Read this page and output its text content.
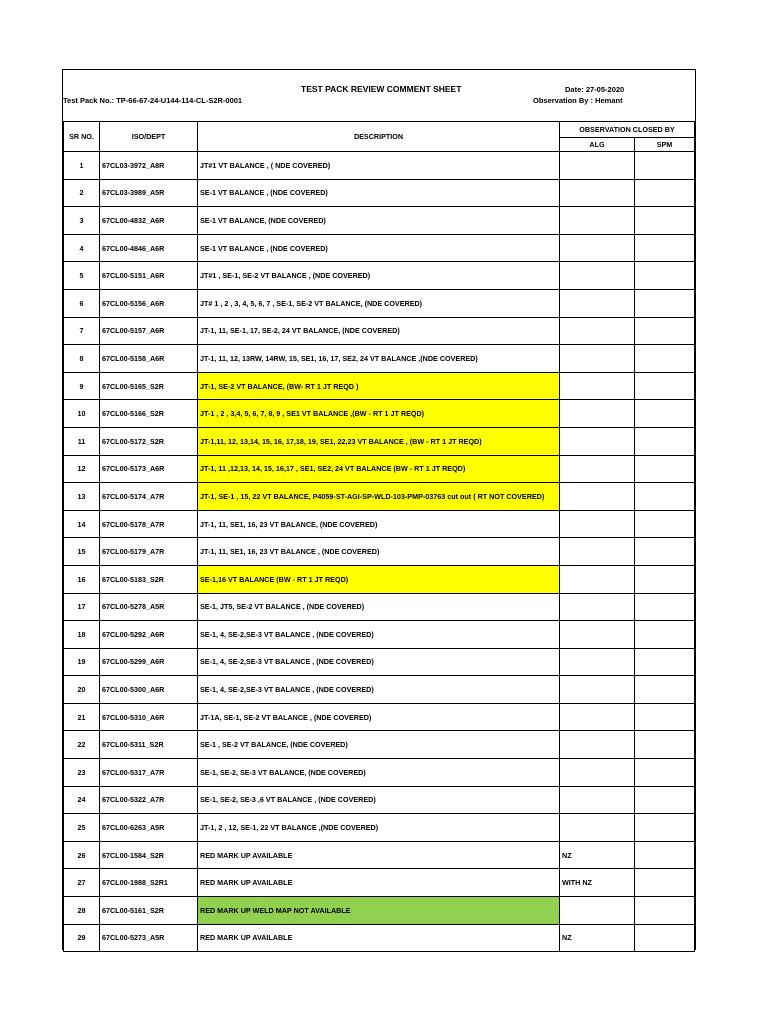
TEST PACK REVIEW COMMENT SHEET
Test Pack No.: TP-66-67-24-U144-114-CL-S2R-0001
Date: 27-05-2020
Observation By : Hemant
SR NO.	ISO/DEPT	DESCRIPTION	OBSERVATION CLOSED BY	
			ALG	SPM
1	67CL03-3972_A8R	JT#1 VT BALANCE , ( NDE COVERED)		
2	67CL03-3989_A5R	SE-1 VT BALANCE , (NDE COVERED)		
3	67CL00-4832_A6R	SE-1 VT BALANCE, (NDE COVERED)		
4	67CL00-4846_A6R	SE-1 VT BALANCE , (NDE COVERED)		
5	67CL00-5151_A6R	JT#1 , SE-1, SE-2 VT BALANCE , (NDE COVERED)		
6	67CL00-5156_A6R	JT# 1 , 2 , 3, 4, 5, 6, 7 , SE-1, SE-2 VT BALANCE, (NDE COVERED)		
7	67CL00-5157_A6R	JT-1, 11, SE-1, 17, SE-2, 24 VT BALANCE, (NDE COVERED)		
8	67CL00-5158_A6R	JT-1, 11, 12, 13RW, 14RW, 15, SE1, 16, 17, SE2, 24 VT BALANCE ,(NDE COVERED)		
9	67CL00-5165_S2R	JT-1, SE-2 VT BALANCE, (BW- RT 1 JT REQD )		
10	67CL00-5166_S2R	JT-1 , 2 , 3,4, 5, 6, 7, 8, 9 , SE1 VT BALANCE ,(BW - RT 1 JT REQD)		
11	67CL00-5172_S2R	JT-1,11, 12, 13,14, 15, 16, 17,18, 19, SE1, 22,23 VT BALANCE , (BW - RT 1 JT REQD)		
12	67CL00-5173_A6R	JT-1, 11 ,12,13, 14, 15, 16,17 , SE1, SE2, 24 VT BALANCE (BW - RT 1 JT REQD)		
13	67CL00-5174_A7R	JT-1, SE-1 , 15, 22 VT BALANCE, P4059-ST-AGI-SP-WLD-103-PMP-03763 cut out ( RT NOT COVERED)		
14	67CL00-5178_A7R	JT-1, 11, SE1, 16, 23 VT BALANCE, (NDE COVERED)		
15	67CL00-5179_A7R	JT-1, 11, SE1, 16, 23 VT BALANCE , (NDE COVERED)		
16	67CL00-5183_S2R	SE-1,16 VT BALANCE (BW - RT 1 JT REQD)		
17	67CL00-5278_A5R	SE-1, JT5, SE-2 VT BALANCE , (NDE COVERED)		
18	67CL00-5292_A6R	SE-1, 4, SE-2,SE-3 VT BALANCE , (NDE COVERED)		
19	67CL00-5299_A6R	SE-1, 4, SE-2,SE-3 VT BALANCE , (NDE COVERED)		
20	67CL00-5300_A6R	SE-1, 4, SE-2,SE-3 VT BALANCE , (NDE COVERED)		
21	67CL00-5310_A6R	JT-1A, SE-1, SE-2 VT BALANCE , (NDE COVERED)		
22	67CL00-5311_S2R	SE-1 , SE-2 VT BALANCE, (NDE COVERED)		
23	67CL00-5317_A7R	SE-1, SE-2, SE-3 VT BALANCE, (NDE COVERED)		
24	67CL00-5322_A7R	SE-1, SE-2, SE-3 ,6 VT BALANCE , (NDE COVERED)		
25	67CL00-6263_A5R	JT-1, 2 , 12, SE-1, 22 VT BALANCE ,(NDE COVERED)		
26	67CL00-1584_S2R	RED MARK UP AVAILABLE	NZ	
27	67CL00-1988_S2R1	RED MARK UP AVAILABLE	WITH NZ	
28	67CL00-5161_S2R	RED MARK UP WELD MAP NOT AVAILABLE		
29	67CL00-5273_A5R	RED MARK UP AVAILABLE	NZ	
